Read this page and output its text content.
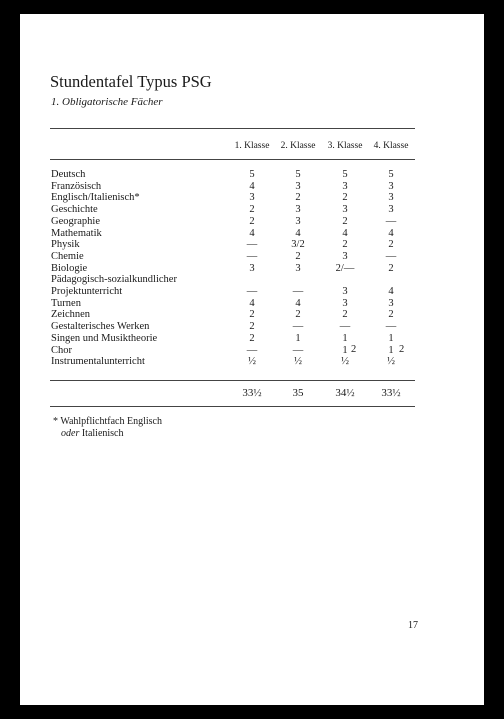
Stundentafel Typus PSG
1. Obligatorische Fächer
1. Klasse	2. Klasse	3. Klasse	4. Klasse
Deutsch	5	5	5	5
Französisch	4	3	3	3
Englisch/Italienisch*	3	2	2	3
Geschichte	2	3	3	3
Geographie	2	3	2	—
Mathematik	4	4	4	4
Physik	—	3/2	2	2
Chemie	—	2	3	—
Biologie	3	3	2/—	2
Pädagogisch-sozialkundlicher
Projektunterricht	—	—	3	4
Turnen	4	4	3	3
Zeichnen	2	2	2	2
Gestalterisches Werken	2	—	—	—
Singen und Musiktheorie	2	1	1	1
Chor	—	—	1	1
Instrumentalunterricht	½	½	½	½
2	2
33½	35	34½	33½
* Wahlpflichtfach Englisch
oder Italienisch
17
